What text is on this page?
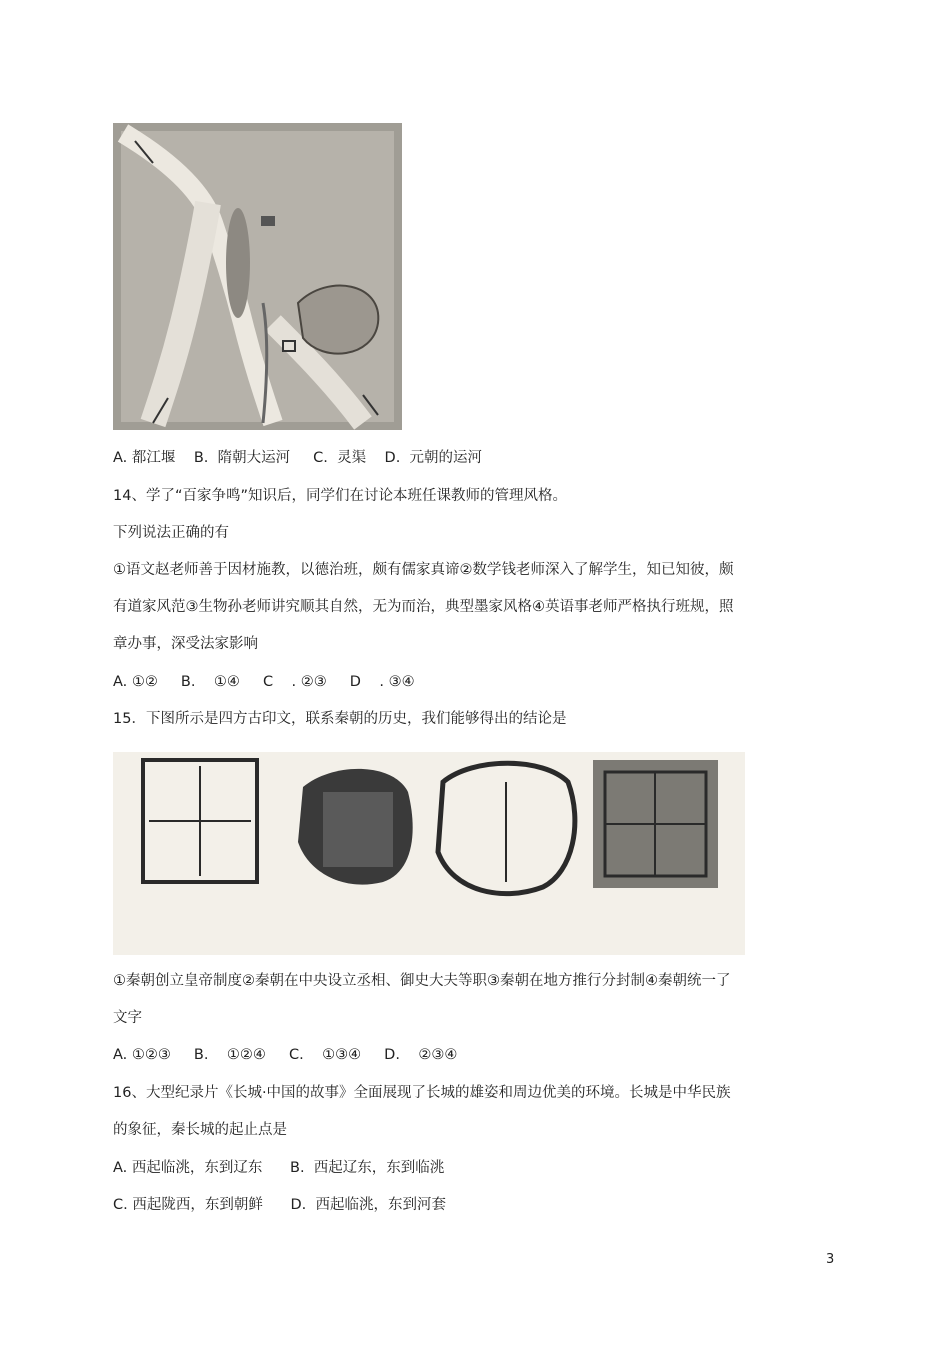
A. 都江堰    B.  隋朝大运河     C.  灵渠    D.  元朝的运河
14、学了“百家争鸣”知识后，同学们在讨论本班任课教师的管理风格。
下列说法正确的有
①语文赵老师善于因材施教，以德治班，颇有儒家真谛②数学钱老师深入了解学生，知已知彼，颇
有道家风范③生物孙老师讲究顺其自然，无为而治，典型墨家风格④英语事老师严格执行班规，照
章办事，深受法家影响
A. ①②     B.    ①④     C    . ②③     D    . ③④
15．下图所示是四方古印文，联系秦朝的历史，我们能够得出的结论是
①秦朝创立皇帝制度②秦朝在中央设立丞相、御史大夫等职③秦朝在地方推行分封制④秦朝统一了
文字
A. ①②③     B.    ①②④     C.    ①③④     D.    ②③④
16、大型纪录片《长城·中国的故事》全面展现了长城的雄姿和周边优美的环境。长城是中华民族
的象征，秦长城的起止点是
A. 西起临洮，东到辽东      B.  西起辽东，东到临洮
C. 西起陇西，东到朝鲜      D.  西起临洮，东到河套
3
